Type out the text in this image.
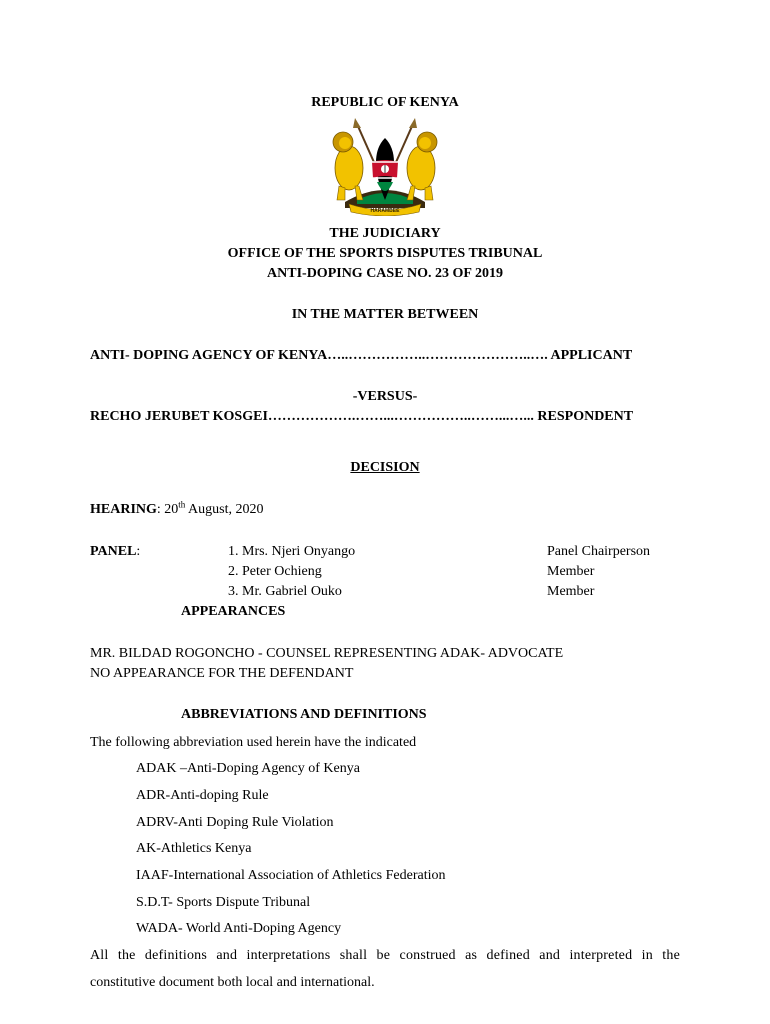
REPUBLIC OF KENYA
HARAMBEE
THE JUDICIARY
OFFICE OF THE SPORTS DISPUTES TRIBUNAL
ANTI-DOPING CASE NO. 23 OF 2019
IN THE MATTER BETWEEN
ANTI- DOPING AGENCY OF KENYA…..……………..…………………..…. APPLICANT
-VERSUS-
RECHO JERUBET KOSGEI……………….……...……………..……...…... RESPONDENT
DECISION
HEARING: 20th August, 2020
PANEL:	1. Mrs. Njeri Onyango	Panel Chairperson
2. Peter Ochieng	Member
3. Mr. Gabriel Ouko	Member
APPEARANCES
MR. BILDAD ROGONCHO - COUNSEL REPRESENTING ADAK- ADVOCATE
NO APPEARANCE FOR THE DEFENDANT
ABBREVIATIONS AND DEFINITIONS
The following abbreviation used herein have the indicated
ADAK –Anti-Doping Agency of Kenya
ADR-Anti-doping Rule
ADRV-Anti Doping Rule Violation
AK-Athletics Kenya
IAAF-International Association of Athletics Federation
S.D.T- Sports Dispute Tribunal
WADA- World Anti-Doping Agency
All the definitions and interpretations shall be construed as defined and interpreted in the
constitutive document both local and international.
